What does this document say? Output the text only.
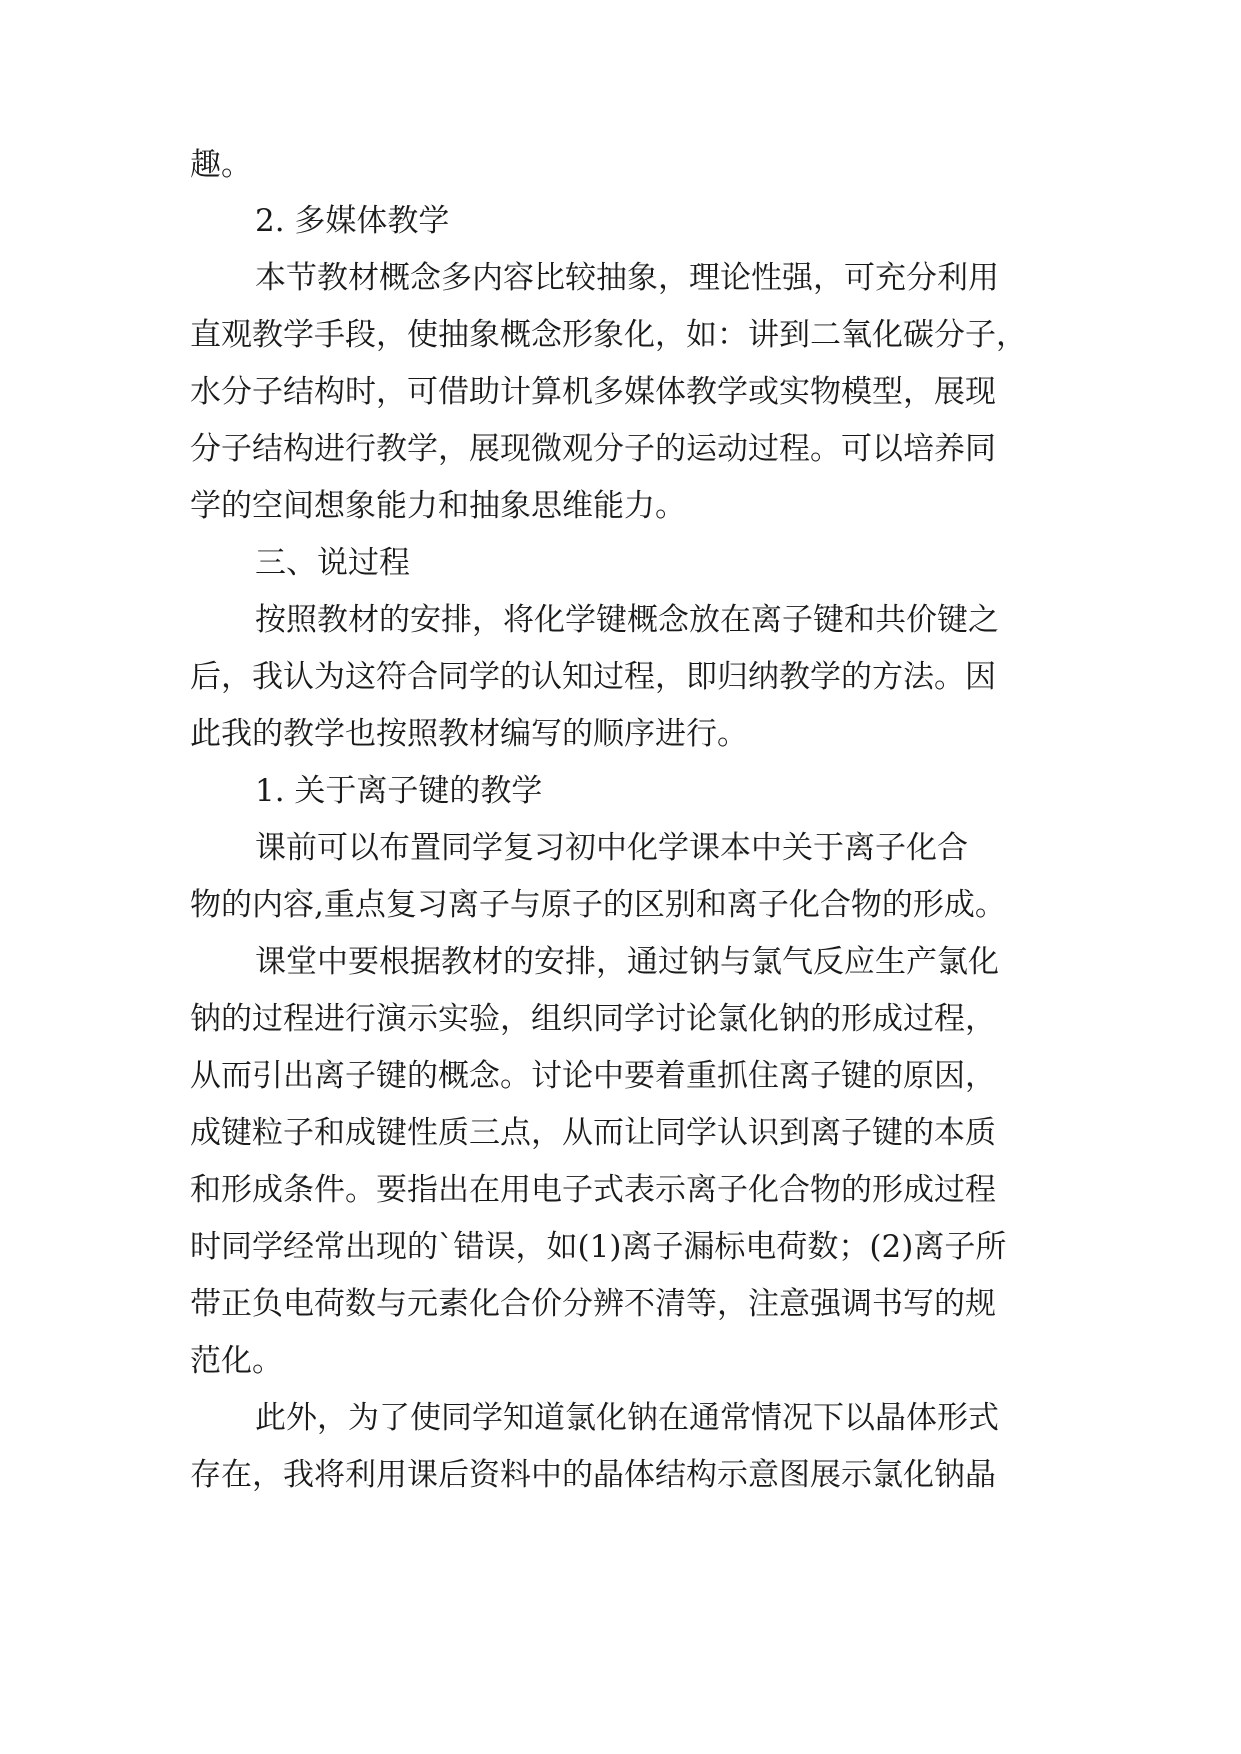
趣。
2. 多媒体教学
本节教材概念多内容比较抽象，理论性强，可充分利用
直观教学手段，使抽象概念形象化，如：讲到二氧化碳分子，
水分子结构时，可借助计算机多媒体教学或实物模型，展现
分子结构进行教学，展现微观分子的运动过程。可以培养同
学的空间想象能力和抽象思维能力。
三、说过程
按照教材的安排，将化学键概念放在离子键和共价键之
后，我认为这符合同学的认知过程，即归纳教学的方法。因
此我的教学也按照教材编写的顺序进行。
1. 关于离子键的教学
课前可以布置同学复习初中化学课本中关于离子化合
物的内容,重点复习离子与原子的区别和离子化合物的形成。
课堂中要根据教材的安排，通过钠与氯气反应生产氯化
钠的过程进行演示实验，组织同学讨论氯化钠的形成过程，
从而引出离子键的概念。讨论中要着重抓住离子键的原因，
成键粒子和成键性质三点，从而让同学认识到离子键的本质
和形成条件。要指出在用电子式表示离子化合物的形成过程
时同学经常出现的`错误，如(1)离子漏标电荷数；(2)离子所
带正负电荷数与元素化合价分辨不清等，注意强调书写的规
范化。
此外，为了使同学知道氯化钠在通常情况下以晶体形式
存在，我将利用课后资料中的晶体结构示意图展示氯化钠晶
